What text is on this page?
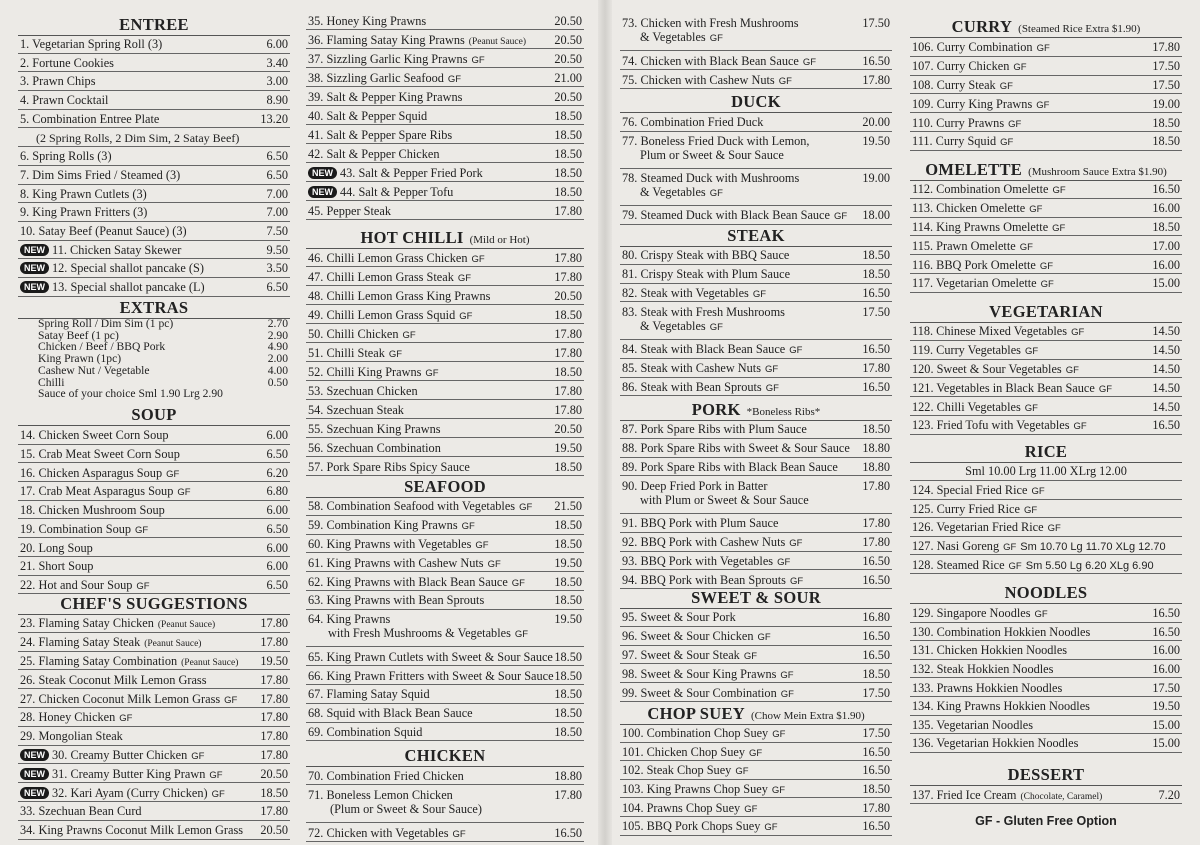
ENTREE
1. Vegetarian Spring Roll (3)	6.00
2. Fortune Cookies	3.40
3. Prawn Chips	3.00
4. Prawn Cocktail	8.90
5. Combination Entree Plate	13.20
(2 Spring Rolls, 2 Dim Sim, 2 Satay Beef)
6. Spring Rolls (3)	6.50
7. Dim Sims Fried / Steamed (3)	6.50
8. King Prawn Cutlets (3)	7.00
9. King Prawn Fritters (3)	7.00
10. Satay Beef (Peanut Sauce) (3)	7.50
NEW 11. Chicken Satay Skewer	9.50
NEW 12. Special shallot pancake (S)	3.50
NEW 13. Special shallot pancake (L)	6.50
EXTRAS
Spring Roll / Dim Sim (1 pc)	2.70
Satay Beef (1 pc)	2.90
Chicken / Beef / BBQ Pork	4.90
King Prawn (1pc)	2.00
Cashew Nut / Vegetable	4.00
Chilli	0.50
Sauce of your choice Sml 1.90 Lrg 2.90
SOUP
14. Chicken Sweet Corn Soup	6.00
15. Crab Meat Sweet Corn Soup	6.50
16. Chicken Asparagus Soup GF	6.20
17. Crab Meat Asparagus Soup GF	6.80
18. Chicken Mushroom Soup	6.00
19. Combination Soup GF	6.50
20. Long Soup	6.00
21. Short Soup	6.00
22. Hot and Sour Soup GF	6.50
CHEF'S SUGGESTIONS
23. Flaming Satay Chicken (Peanut Sauce)	17.80
24. Flaming Satay Steak (Peanut Sauce)	17.80
25. Flaming Satay Combination (Peanut Sauce)	19.50
26. Steak Coconut Milk Lemon Grass	17.80
27. Chicken Coconut Milk Lemon Grass GF	17.80
28. Honey Chicken GF	17.80
29. Mongolian Steak	17.80
NEW 30. Creamy Butter Chicken GF	17.80
NEW 31. Creamy Butter King Prawn GF	20.50
NEW 32. Kari Ayam (Curry Chicken) GF	18.50
33. Szechuan Bean Curd	17.80
34. King Prawns Coconut Milk Lemon Grass	20.50
35. Honey King Prawns	20.50
36. Flaming Satay King Prawns (Peanut Sauce)	20.50
37. Sizzling Garlic King Prawns GF	20.50
38. Sizzling Garlic Seafood GF	21.00
39. Salt & Pepper King Prawns	20.50
40. Salt & Pepper Squid	18.50
41. Salt & Pepper Spare Ribs	18.50
42. Salt & Pepper Chicken	18.50
NEW 43. Salt & Pepper Fried Pork	18.50
NEW 44. Salt & Pepper Tofu	18.50
45. Pepper Steak	17.80
HOT CHILLI (Mild or Hot)
46. Chilli Lemon Grass Chicken GF	17.80
47. Chilli Lemon Grass Steak GF	17.80
48. Chilli Lemon Grass King Prawns	20.50
49. Chilli Lemon Grass Squid GF	18.50
50. Chilli Chicken GF	17.80
51. Chilli Steak GF	17.80
52. Chilli King Prawns GF	18.50
53. Szechuan Chicken	17.80
54. Szechuan Steak	17.80
55. Szechuan King Prawns	20.50
56. Szechuan Combination	19.50
57. Pork Spare Ribs Spicy Sauce	18.50
SEAFOOD
58. Combination Seafood with Vegetables GF	21.50
59. Combination King Prawns GF	18.50
60. King Prawns with Vegetables GF	18.50
61. King Prawns with Cashew Nuts GF	19.50
62. King Prawns with Black Bean Sauce GF	18.50
63. King Prawns with Bean Sprouts	18.50
64. King Prawns
with Fresh Mushrooms & Vegetables GF
19.50
65. King Prawn Cutlets with Sweet & Sour Sauce 18.50
66. King Prawn Fritters with Sweet & Sour Sauce 18.50
67. Flaming Satay Squid	18.50
68. Squid with Black Bean Sauce	18.50
69. Combination Squid	18.50
CHICKEN
70. Combination Fried Chicken	18.80
71. Boneless Lemon Chicken
(Plum or Sweet & Sour Sauce)
17.80
72. Chicken with Vegetables GF	16.50
73. Chicken with Fresh Mushrooms
& Vegetables GF
17.50
74. Chicken with Black Bean Sauce GF	16.50
75. Chicken with Cashew Nuts GF	17.80
DUCK
76. Combination Fried Duck	20.00
77. Boneless Fried Duck with Lemon,
Plum or Sweet & Sour Sauce
19.50
78. Steamed Duck with Mushrooms
& Vegetables GF
19.00
79. Steamed Duck with Black Bean Sauce GF	18.00
STEAK
80. Crispy Steak with BBQ Sauce	18.50
81. Crispy Steak with Plum Sauce	18.50
82. Steak with Vegetables GF	16.50
83. Steak with Fresh Mushrooms
& Vegetables GF
17.50
84. Steak with Black Bean Sauce GF	16.50
85. Steak with Cashew Nuts GF	17.80
86. Steak with Bean Sprouts GF	16.50
PORK *Boneless Ribs*
87. Pork Spare Ribs with Plum Sauce	18.50
88. Pork Spare Ribs with Sweet & Sour Sauce	18.80
89. Pork Spare Ribs with Black Bean Sauce	18.80
90. Deep Fried Pork in Batter
with Plum or Sweet & Sour Sauce
17.80
91. BBQ Pork with Plum Sauce	17.80
92. BBQ Pork with Cashew Nuts GF	17.80
93. BBQ Pork with Vegetables GF	16.50
94. BBQ Pork with Bean Sprouts GF	16.50
SWEET & SOUR
95. Sweet & Sour Pork	16.80
96. Sweet & Sour Chicken GF	16.50
97. Sweet & Sour Steak GF	16.50
98. Sweet & Sour King Prawns GF	18.50
99. Sweet & Sour Combination GF	17.50
CHOP SUEY (Chow Mein Extra $1.90)
100. Combination Chop Suey GF	17.50
101. Chicken Chop Suey GF	16.50
102. Steak Chop Suey GF	16.50
103. King Prawns Chop Suey GF	18.50
104. Prawns Chop Suey GF	17.80
105. BBQ Pork Chops Suey GF	16.50
CURRY (Steamed Rice Extra $1.90)
106. Curry Combination GF	17.80
107. Curry Chicken GF	17.50
108. Curry Steak GF	17.50
109. Curry King Prawns GF	19.00
110. Curry Prawns GF	18.50
111. Curry Squid GF	18.50
OMELETTE (Mushroom Sauce Extra $1.90)
112. Combination Omelette GF	16.50
113. Chicken Omelette GF	16.00
114. King Prawns Omelette GF	18.50
115. Prawn Omelette GF	17.00
116. BBQ Pork Omelette GF	16.00
117. Vegetarian Omelette GF	15.00
VEGETARIAN
118. Chinese Mixed Vegetables GF	14.50
119. Curry Vegetables GF	14.50
120. Sweet & Sour Vegetables GF	14.50
121. Vegetables in Black Bean Sauce GF	14.50
122. Chilli Vegetables GF	14.50
123. Fried Tofu with Vegetables GF	16.50
RICE
Sml 10.00 Lrg 11.00 XLrg 12.00
124. Special Fried Rice GF
125. Curry Fried Rice GF
126. Vegetarian Fried Rice GF
127. Nasi Goreng GF Sm 10.70 Lg 11.70 XLg 12.70
128. Steamed Rice GF Sm 5.50 Lg 6.20 XLg 6.90
NOODLES
129. Singapore Noodles GF	16.50
130. Combination Hokkien Noodles	16.50
131. Chicken Hokkien Noodles	16.00
132. Steak Hokkien Noodles	16.00
133. Prawns Hokkien Noodles	17.50
134. King Prawns Hokkien Noodles	19.50
135. Vegetarian Noodles	15.00
136. Vegetarian Hokkien Noodles	15.00
DESSERT
137. Fried Ice Cream (Chocolate, Caramel)	7.20
GF - Gluten Free Option
